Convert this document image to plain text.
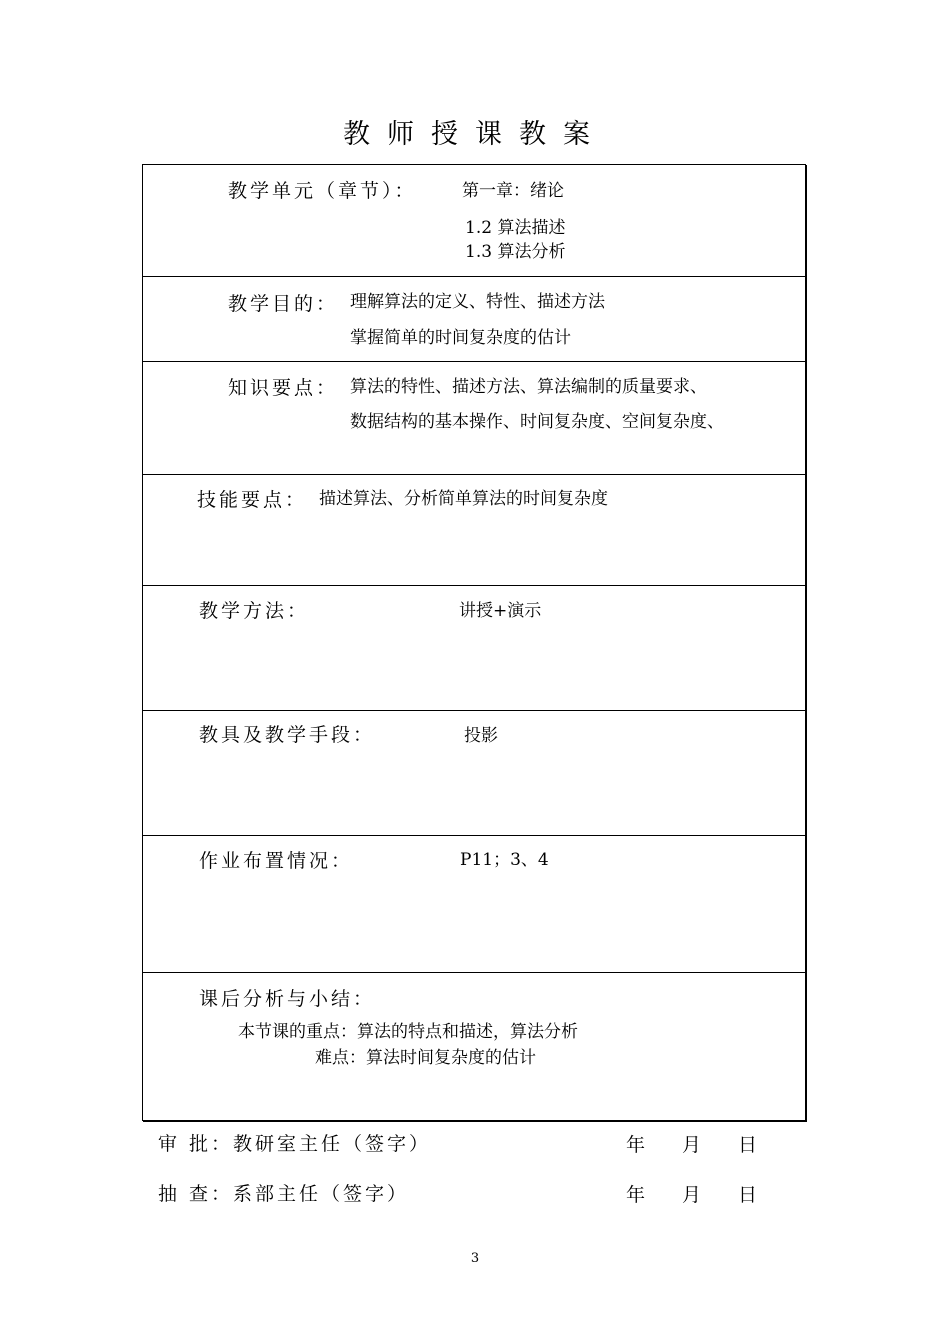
教师授课教案
教学单元（章节）：	第一章：绪论
1.2 算法描述
1.3 算法分析
教学目的： 理解算法的定义、特性、描述方法
掌握简单的时间复杂度的估计
知识要点： 算法的特性、描述方法、算法编制的质量要求、
数据结构的基本操作、时间复杂度、空间复杂度、
技能要点： 描述算法、分析简单算法的时间复杂度
教学方法：	讲授+演示
教具及教学手段：	投影
作业布置情况：	P11；3、4
课后分析与小结：
本节课的重点：算法的特点和描述，算法分析
难点：算法时间复杂度的估计
审 批：教研室主任（签字）	年 月 日
抽 查：系部主任（签字）	年 月 日
3
